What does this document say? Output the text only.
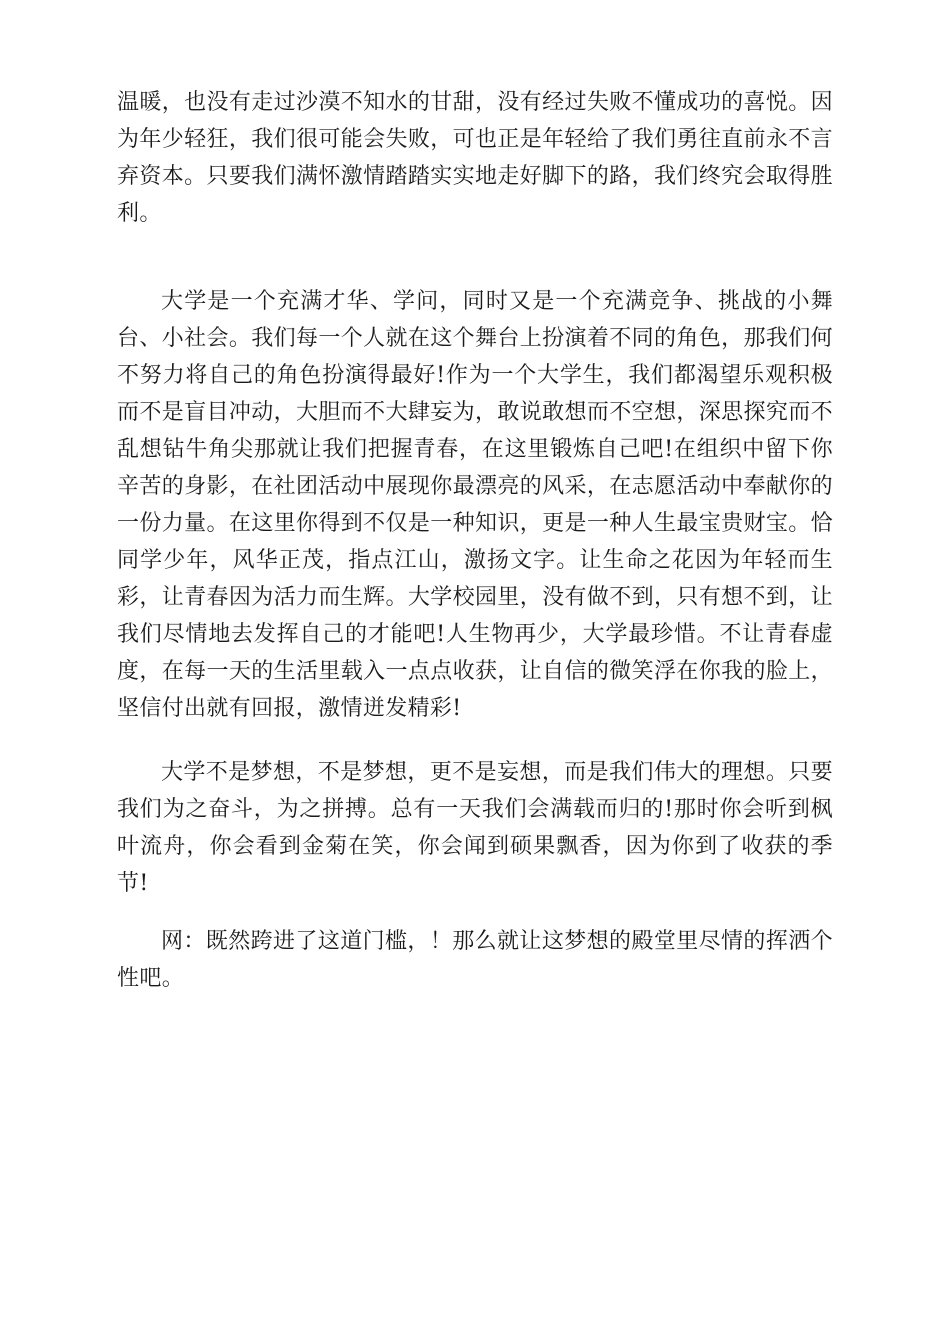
温暖，也没有走过沙漠不知水的甘甜，没有经过失败不懂成功的喜悦。因为年少轻狂，我们很可能会失败，可也正是年轻给了我们勇往直前永不言弃资本。只要我们满怀激情踏踏实实地走好脚下的路，我们终究会取得胜利。

大学是一个充满才华、学问，同时又是一个充满竞争、挑战的小舞台、小社会。我们每一个人就在这个舞台上扮演着不同的角色，那我们何不努力将自己的角色扮演得最好!作为一个大学生，我们都渴望乐观积极而不是盲目冲动，大胆而不大肆妄为，敢说敢想而不空想，深思探究而不乱想钻牛角尖那就让我们把握青春，在这里锻炼自己吧!在组织中留下你辛苦的身影，在社团活动中展现你最漂亮的风采，在志愿活动中奉献你的一份力量。在这里你得到不仅是一种知识，更是一种人生最宝贵财宝。恰同学少年，风华正茂，指点江山，激扬文字。让生命之花因为年轻而生彩，让青春因为活力而生辉。大学校园里，没有做不到，只有想不到，让我们尽情地去发挥自己的才能吧!人生物再少，大学最珍惜。不让青春虚度，在每一天的生活里载入一点点收获，让自信的微笑浮在你我的脸上，坚信付出就有回报，激情迸发精彩!

大学不是梦想，不是梦想，更不是妄想，而是我们伟大的理想。只要我们为之奋斗，为之拼搏。总有一天我们会满载而归的!那时你会听到枫叶流舟，你会看到金菊在笑，你会闻到硕果飘香，因为你到了收获的季节!

网：既然跨进了这道门槛，！那么就让这梦想的殿堂里尽情的挥洒个性吧。
